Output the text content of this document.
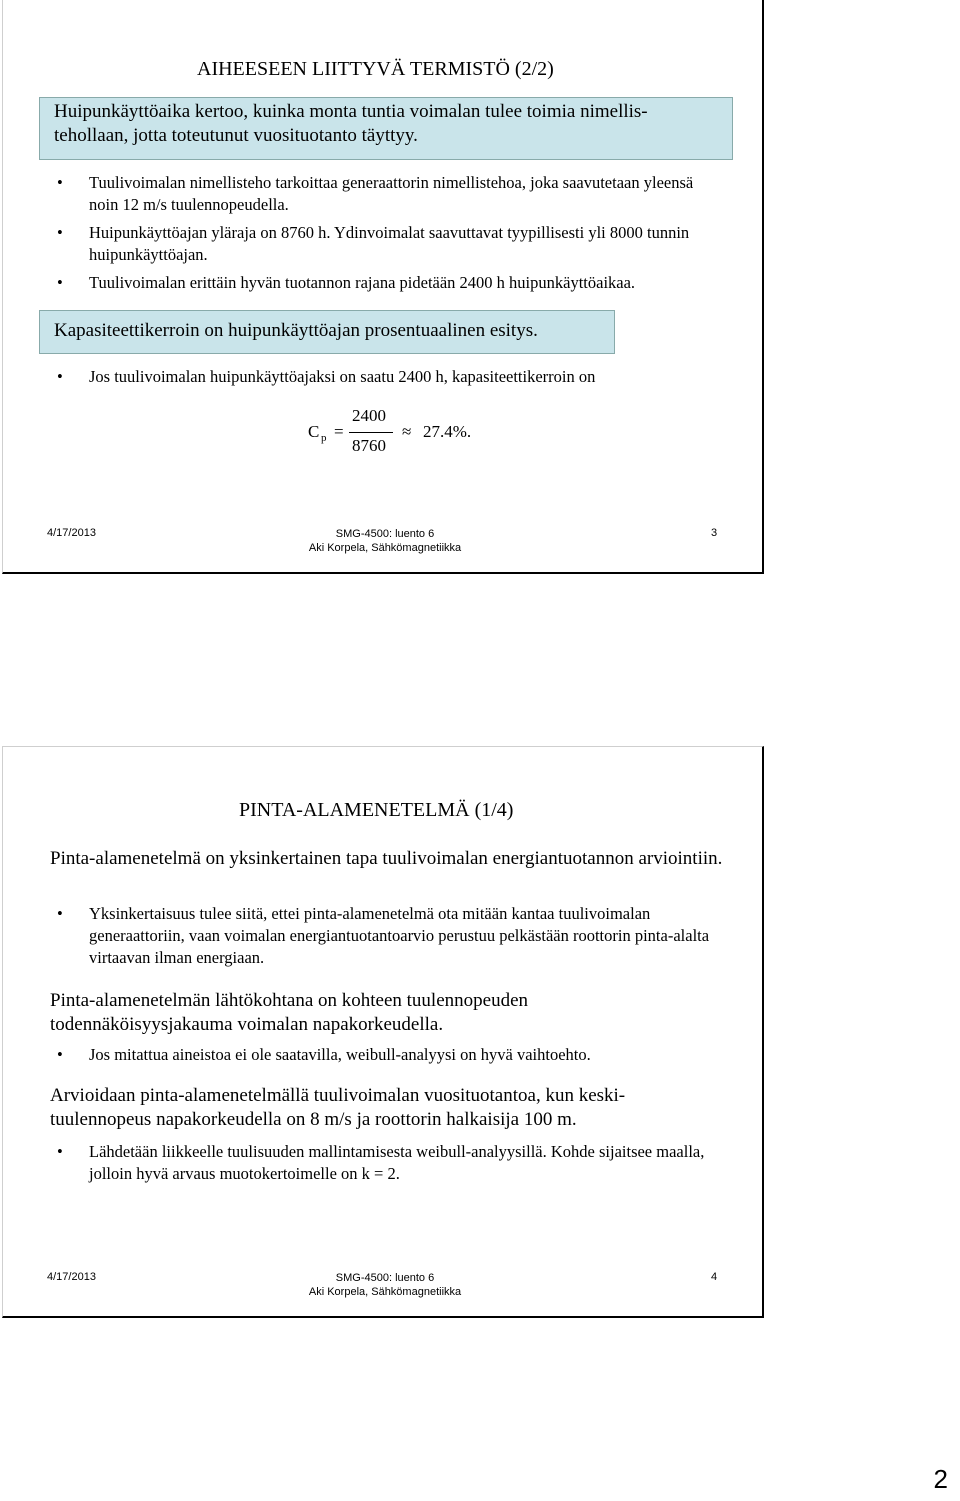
AIHEESEEN LIITTYVÄ TERMISTÖ (2/2)
Huipunkäyttöaika kertoo, kuinka monta tuntia voimalan tulee toimia nimellis-tehollaan, jotta toteutunut vuosituotanto täyttyy.
• Tuulivoimalan nimellisteho tarkoittaa generaattorin nimellistehoa, joka saavutetaan yleensä noin 12 m/s tuulennopeudella.
• Huipunkäyttöajan yläraja on 8760 h. Ydinvoimalat saavuttavat tyypillisesti yli 8000 tunnin huipunkäyttöajan.
• Tuulivoimalan erittäin hyvän tuotannon rajana pidetään 2400 h huipunkäyttöaikaa.
Kapasiteettikerroin on huipunkäyttöajan prosentuaalinen esitys.
• Jos tuulivoimalan huipunkäyttöajaksi on saatu 2400 h, kapasiteettikerroin on
C p =
2400
8760
≈ 27.4%.
4/17/2013	SMG-4500: luento 6
Aki Korpela, Sähkömagnetiikka
3
PINTA-ALAMENETELMÄ (1/4)
Pinta-alamenetelmä on yksinkertainen tapa tuulivoimalan energiantuotannon arviointiin.
• Yksinkertaisuus tulee siitä, ettei pinta-alamenetelmä ota mitään kantaa tuulivoimalan generaattoriin, vaan voimalan energiantuotantoarvio perustuu pelkästään roottorin pinta-alalta virtaavan ilman energiaan.
Pinta-alamenetelmän lähtökohtana on kohteen tuulennopeuden todennäköisyysjakauma voimalan napakorkeudella.
• Jos mitattua aineistoa ei ole saatavilla, weibull-analyysi on hyvä vaihtoehto.
Arvioidaan pinta-alamenetelmällä tuulivoimalan vuosituotantoa, kun keski-tuulennopeus napakorkeudella on 8 m/s ja roottorin halkaisija 100 m.
• Lähdetään liikkeelle tuulisuuden mallintamisesta weibull-analyysillä. Kohde sijaitsee maalla, jolloin hyvä arvaus muotokertoimelle on k = 2.
4/17/2013	SMG-4500: luento 6
Aki Korpela, Sähkömagnetiikka
4
2
